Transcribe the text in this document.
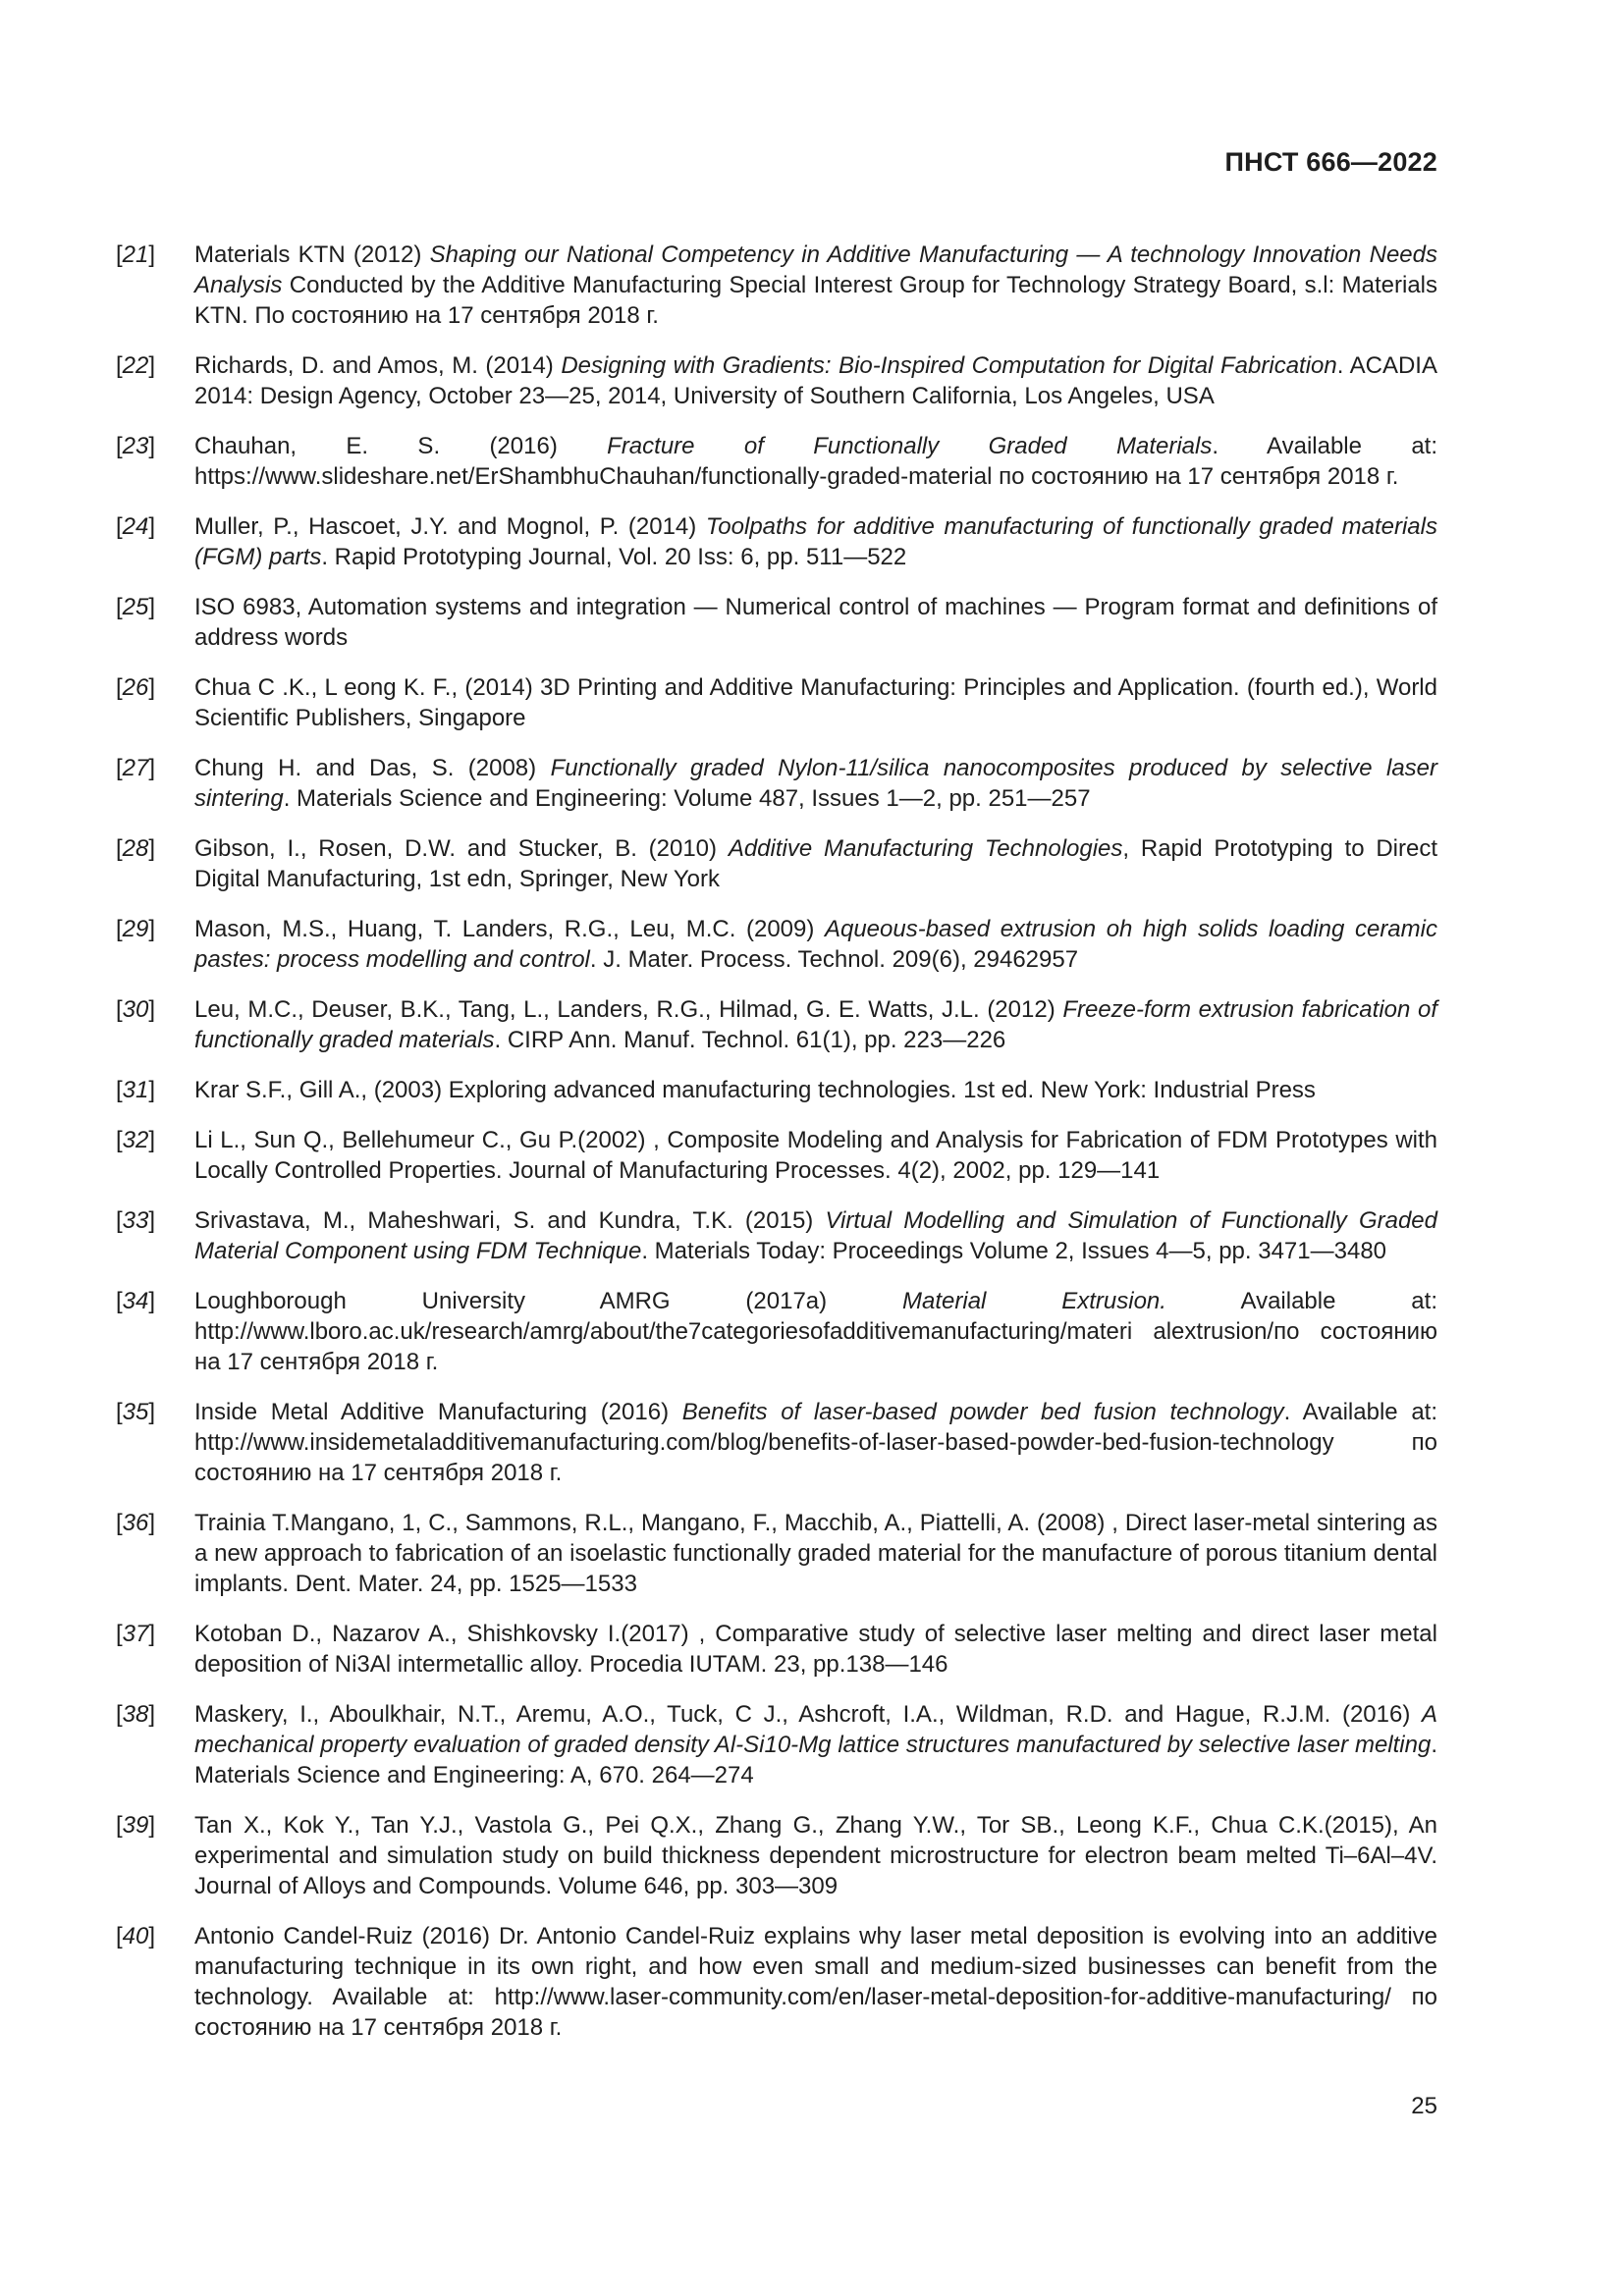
ПНСТ 666—2022
[21]	Materials KTN (2012) Shaping our National Competency in Additive Manufacturing — A technology Innovation Needs Analysis Conducted by the Additive Manufacturing Special Interest Group for Technology Strategy Board, s.l: Materials KTN. По состоянию на 17 сентября 2018 г.
[22]	Richards, D. and Amos, M. (2014) Designing with Gradients: Bio-Inspired Computation for Digital Fabrication. ACADIA 2014: Design Agency, October 23—25, 2014, University of Southern California, Los Angeles, USA
[23]	Chauhan, E. S. (2016) Fracture of Functionally Graded Materials. Available at: https://www.slideshare.net/ErShambhuChauhan/functionally-graded-material по состоянию на 17 сентября 2018 г.
[24]	Muller, P., Hascoet, J.Y. and Mognol, P. (2014) Toolpaths for additive manufacturing of functionally graded materials (FGM) parts. Rapid Prototyping Journal, Vol. 20 Iss: 6, pp. 511—522
[25]	ISO 6983, Automation systems and integration — Numerical control of machines — Program format and definitions of address words
[26]	Chua C .K., L eong K. F., (2014) 3D Printing and Additive Manufacturing: Principles and Application. (fourth ed.), World Scientific Publishers, Singapore
[27]	Chung H. and Das, S. (2008) Functionally graded Nylon-11/silica nanocomposites produced by selective laser sintering. Materials Science and Engineering: Volume 487, Issues 1—2, pp. 251—257
[28]	Gibson, I., Rosen, D.W. and Stucker, B. (2010) Additive Manufacturing Technologies, Rapid Prototyping to Direct Digital Manufacturing, 1st edn, Springer, New York
[29]	Mason, M.S., Huang, T. Landers, R.G., Leu, M.C. (2009) Aqueous-based extrusion oh high solids loading ceramic pastes: process modelling and control. J. Mater. Process. Technol. 209(6), 29462957
[30]	Leu, M.C., Deuser, B.K., Tang, L., Landers, R.G., Hilmad, G. E. Watts, J.L. (2012) Freeze-form extrusion fabrication of functionally graded materials. CIRP Ann. Manuf. Technol. 61(1), pp. 223—226
[31]	Krar S.F., Gill A., (2003) Exploring advanced manufacturing technologies. 1st ed. New York: Industrial Press
[32]	Li L., Sun Q., Bellehumeur C., Gu P.(2002) , Composite Modeling and Analysis for Fabrication of FDM Prototypes with Locally Controlled Properties. Journal of Manufacturing Processes. 4(2), 2002, pp. 129—141
[33]	Srivastava, M., Maheshwari, S. and Kundra, T.K. (2015) Virtual Modelling and Simulation of Functionally Graded Material Component using FDM Technique. Materials Today: Proceedings Volume 2, Issues 4—5, pp. 3471—3480
[34]	Loughborough University AMRG (2017a) Material Extrusion. Available at: http://www.lboro.ac.uk/research/amrg/about/the7categoriesofadditivemanufacturing/materi alextrusion/по состоянию на 17 сентября 2018 г.
[35]	Inside Metal Additive Manufacturing (2016) Benefits of laser-based powder bed fusion technology. Available at: http://www.insidemetaladditivemanufacturing.com/blog/benefits-of-laser-based-powder-bed-fusion-technology по состоянию на 17 сентября 2018 г.
[36]	Trainia T.Mangano, 1, C., Sammons, R.L., Mangano, F., Macchib, A., Piattelli, A. (2008) , Direct laser-metal sintering as a new approach to fabrication of an isoelastic functionally graded material for the manufacture of porous titanium dental implants. Dent. Mater. 24, pp. 1525—1533
[37]	Kotoban D., Nazarov A., Shishkovsky I.(2017) , Comparative study of selective laser melting and direct laser metal deposition of Ni3Al intermetallic alloy. Procedia IUTAM. 23, pp.138—146
[38]	Maskery, I., Aboulkhair, N.T., Aremu, A.O., Tuck, C J., Ashcroft, I.A., Wildman, R.D. and Hague, R.J.M. (2016) A mechanical property evaluation of graded density Al-Si10-Mg lattice structures manufactured by selective laser melting. Materials Science and Engineering: A, 670. 264—274
[39]	Tan X., Kok Y., Tan Y.J., Vastola G., Pei Q.X., Zhang G., Zhang Y.W., Tor SB., Leong K.F., Chua C.K.(2015), An experimental and simulation study on build thickness dependent microstructure for electron beam melted Ti–6Al–4V. Journal of Alloys and Compounds. Volume 646, pp. 303—309
[40]	Antonio Candel-Ruiz (2016) Dr. Antonio Candel-Ruiz explains why laser metal deposition is evolving into an additive manufacturing technique in its own right, and how even small and medium-sized businesses can benefit from the technology. Available at: http://www.laser-community.com/en/laser-metal-deposition-for-additive-manufacturing/ по состоянию на 17 сентября 2018 г.
25
